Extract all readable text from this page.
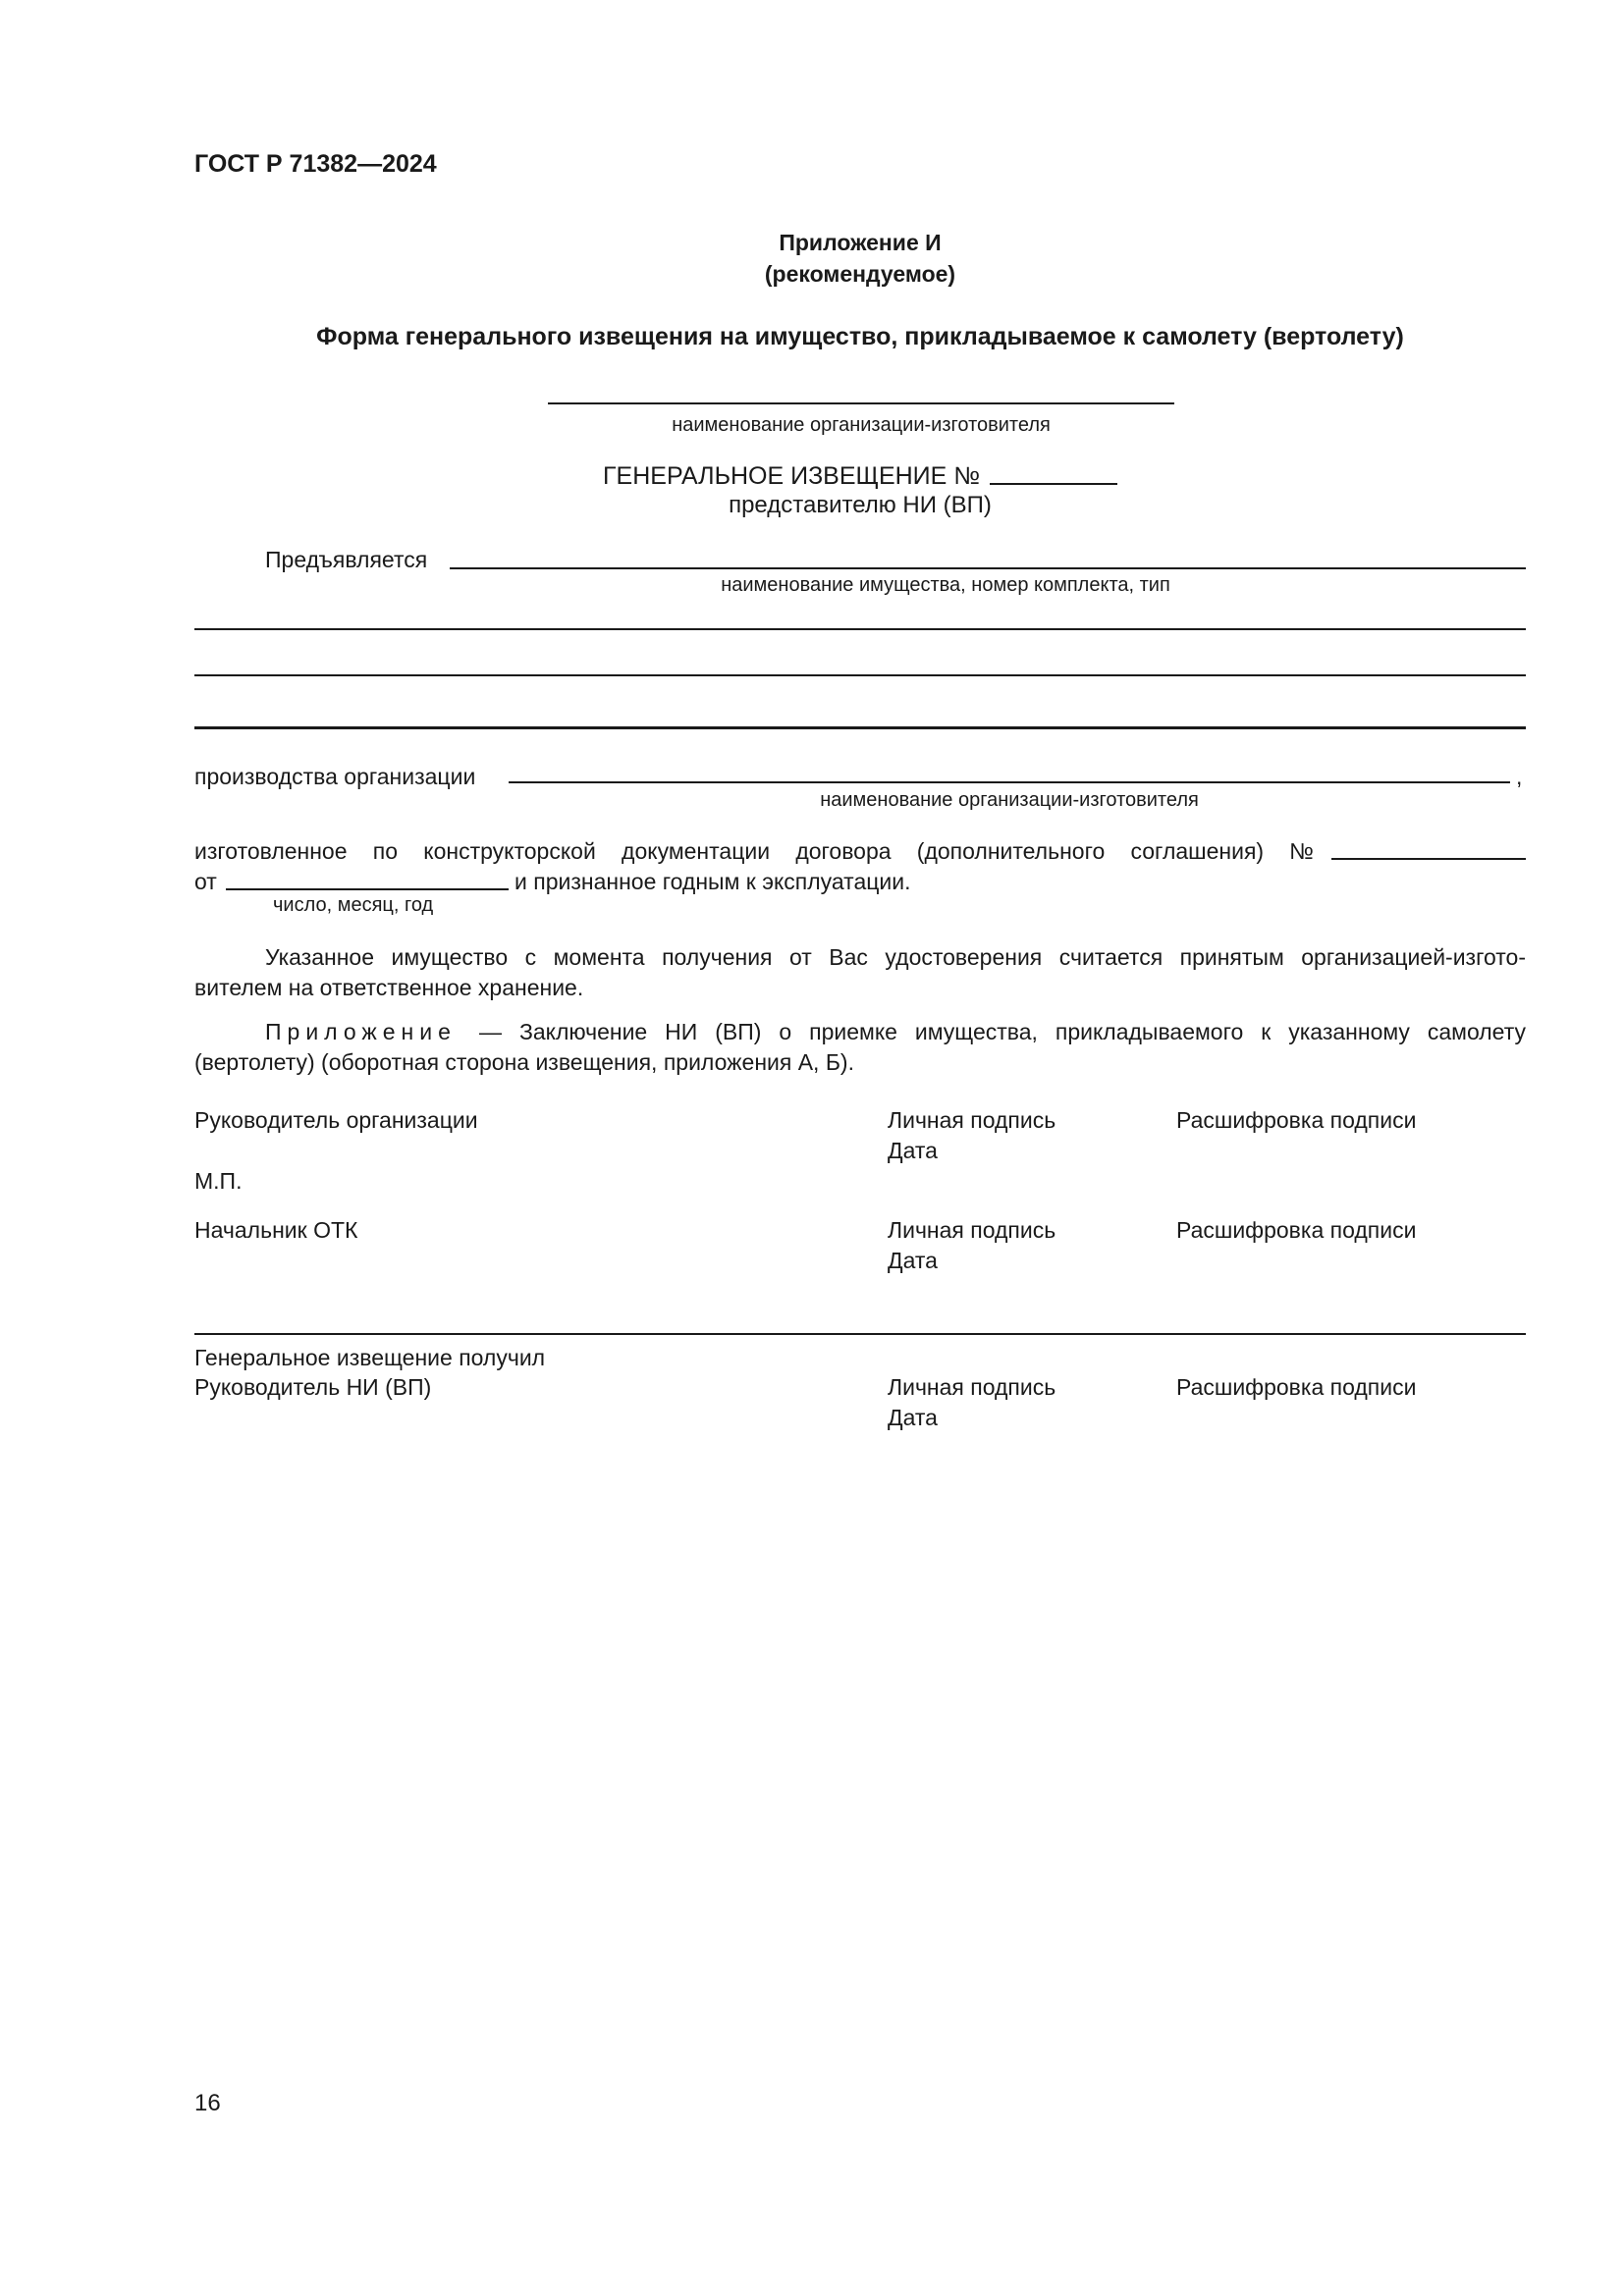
ГОСТ Р 71382—2024
Приложение И
(рекомендуемое)
Форма генерального извещения на имущество, прикладываемое к самолету (вертолету)
наименование организации-изготовителя
ГЕНЕРАЛЬНОЕ ИЗВЕЩЕНИЕ №
представителю НИ (ВП)
Предъявляется
наименование имущества, номер комплекта, тип
производства организации	,
наименование организации-изготовителя
изготовленное по конструкторской документации договора (дополнительного соглашения) №
от	и признанное годным к эксплуатации.
число, месяц, год
Указанное имущество с момента получения от Вас удостоверения считается принятым организацией-изгото-
вителем на ответственное хранение.
Приложение — Заключение НИ (ВП) о приемке имущества, прикладываемого к указанному самолету
(вертолету) (оборотная сторона извещения, приложения А, Б).
Руководитель организации	Личная подпись	Расшифровка подписи
Дата
М.П.
Начальник ОТК	Личная подпись	Расшифровка подписи
Дата
Генеральное извещение получил
Руководитель НИ (ВП)	Личная подпись	Расшифровка подписи
Дата
16
